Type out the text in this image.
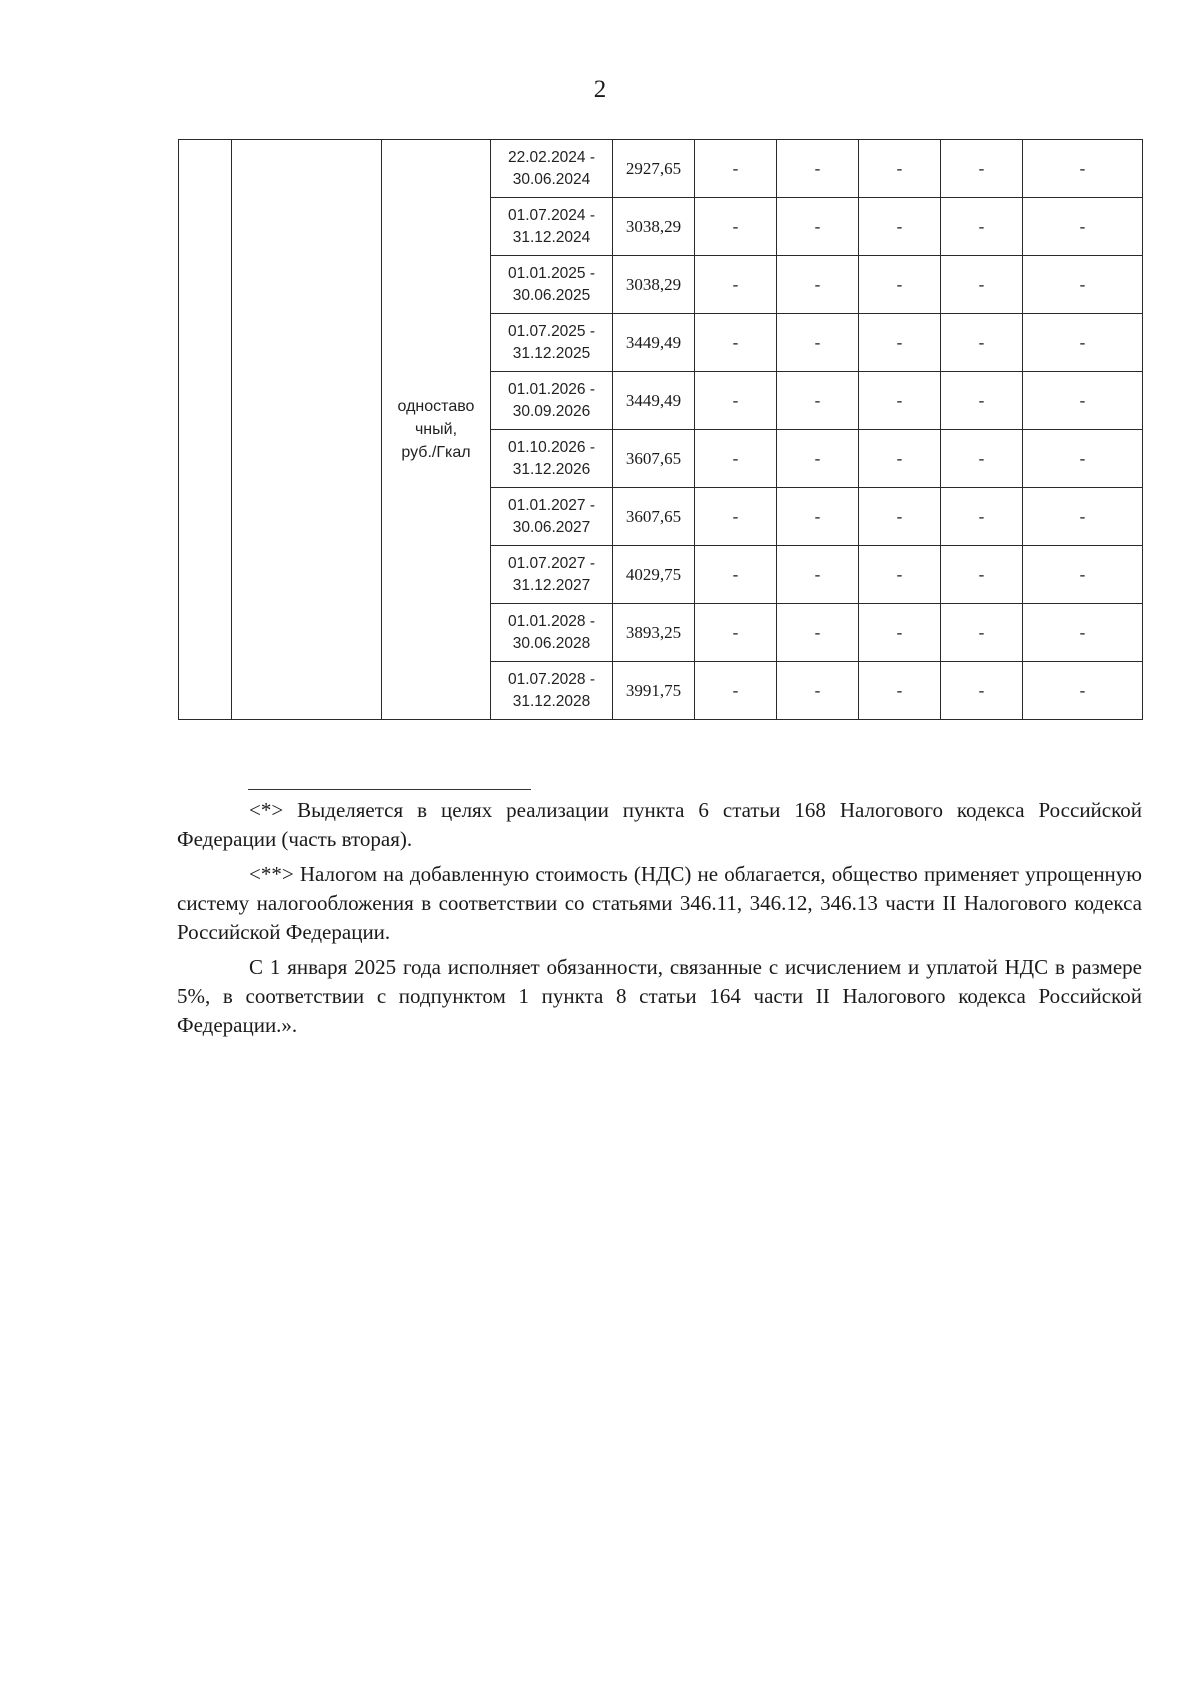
2

		одноставо
чный,
руб./Гкал	22.02.2024 -
30.06.2024	2927,65	-	-	-	-	-

			01.07.2024 -
31.12.2024	3038,29	-	-	-	-	-

			01.01.2025 -
30.06.2025	3038,29	-	-	-	-	-

			01.07.2025 -
31.12.2025	3449,49	-	-	-	-	-

			01.01.2026 -
30.09.2026	3449,49	-	-	-	-	-

			01.10.2026 -
31.12.2026	3607,65	-	-	-	-	-

			01.01.2027 -
30.06.2027	3607,65	-	-	-	-	-

			01.07.2027 -
31.12.2027	4029,75	-	-	-	-	-

			01.01.2028 -
30.06.2028	3893,25	-	-	-	-	-

			01.07.2028 -
31.12.2028	3991,75	-	-	-	-	-

<*> Выделяется в целях реализации пункта 6 статьи 168 Налогового кодекса Российской Федерации (часть вторая).

<**> Налогом на добавленную стоимость (НДС) не облагается, общество применяет упрощенную систему налогообложения в соответствии со статьями 346.11, 346.12, 346.13 части II Налогового кодекса Российской Федерации.

С 1 января 2025 года исполняет обязанности, связанные с исчислением и уплатой НДС в размере 5%, в соответствии с подпунктом 1 пункта 8 статьи 164 части II Налогового кодекса Российской Федерации.».
